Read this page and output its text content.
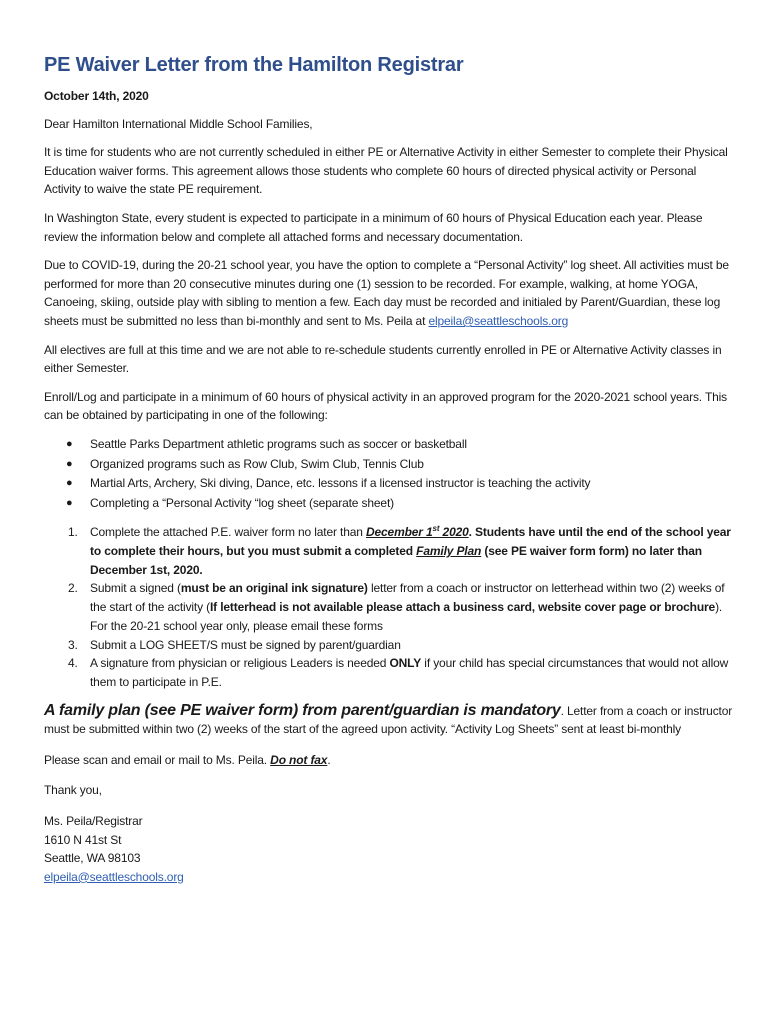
PE Waiver Letter from the Hamilton Registrar

October 14th, 2020

Dear Hamilton International Middle School Families,

It is time for students who are not currently scheduled in either PE or Alternative Activity in either Semester to complete their Physical Education waiver forms. This agreement allows those students who complete 60 hours of directed physical activity or Personal Activity to waive the state PE requirement.

In Washington State, every student is expected to participate in a minimum of 60 hours of Physical Education each year. Please review the information below and complete all attached forms and necessary documentation.

Due to COVID-19, during the 20-21 school year, you have the option to complete a “Personal Activity” log sheet. All activities must be performed for more than 20 consecutive minutes during one (1) session to be recorded. For example, walking, at home YOGA, Canoeing, skiing, outside play with sibling to mention a few. Each day must be recorded and initialed by Parent/Guardian, these log sheets must be submitted no less than bi-monthly and sent to Ms. Peila at elpeila@seattleschools.org

All electives are full at this time and we are not able to re-schedule students currently enrolled in PE or Alternative Activity classes in either Semester.

Enroll/Log and participate in a minimum of 60 hours of physical activity in an approved program for the 2020-2021 school years. This can be obtained by participating in one of the following:

● Seattle Parks Department athletic programs such as soccer or basketball
● Organized programs such as Row Club, Swim Club, Tennis Club
● Martial Arts, Archery, Ski diving, Dance, etc. lessons if a licensed instructor is teaching the activity
● Completing a “Personal Activity “log sheet (separate sheet)
1. Complete the attached P.E. waiver form no later than December 1st 2020. Students have until the end of the school year to complete their hours, but you must submit a completed Family Plan (see PE waiver form form) no later than December 1st, 2020.
2. Submit a signed (must be an original ink signature) letter from a coach or instructor on letterhead within two (2) weeks of the start of the activity (If letterhead is not available please attach a business card, website cover page or brochure). For the 20-21 school year only, please email these forms
3. Submit a LOG SHEET/S must be signed by parent/guardian
4. A signature from physician or religious Leaders is needed ONLY if your child has special circumstances that would not allow them to participate in P.E.

A family plan (see PE waiver form) from parent/guardian is mandatory. Letter from a coach or instructor must be submitted within two (2) weeks of the start of the agreed upon activity. “Activity Log Sheets” sent at least bi-monthly

Please scan and email or mail to Ms. Peila. Do not fax.

Thank you,

Ms. Peila/Registrar

1610 N 41st St

Seattle, WA 98103

elpeila@seattleschools.org
